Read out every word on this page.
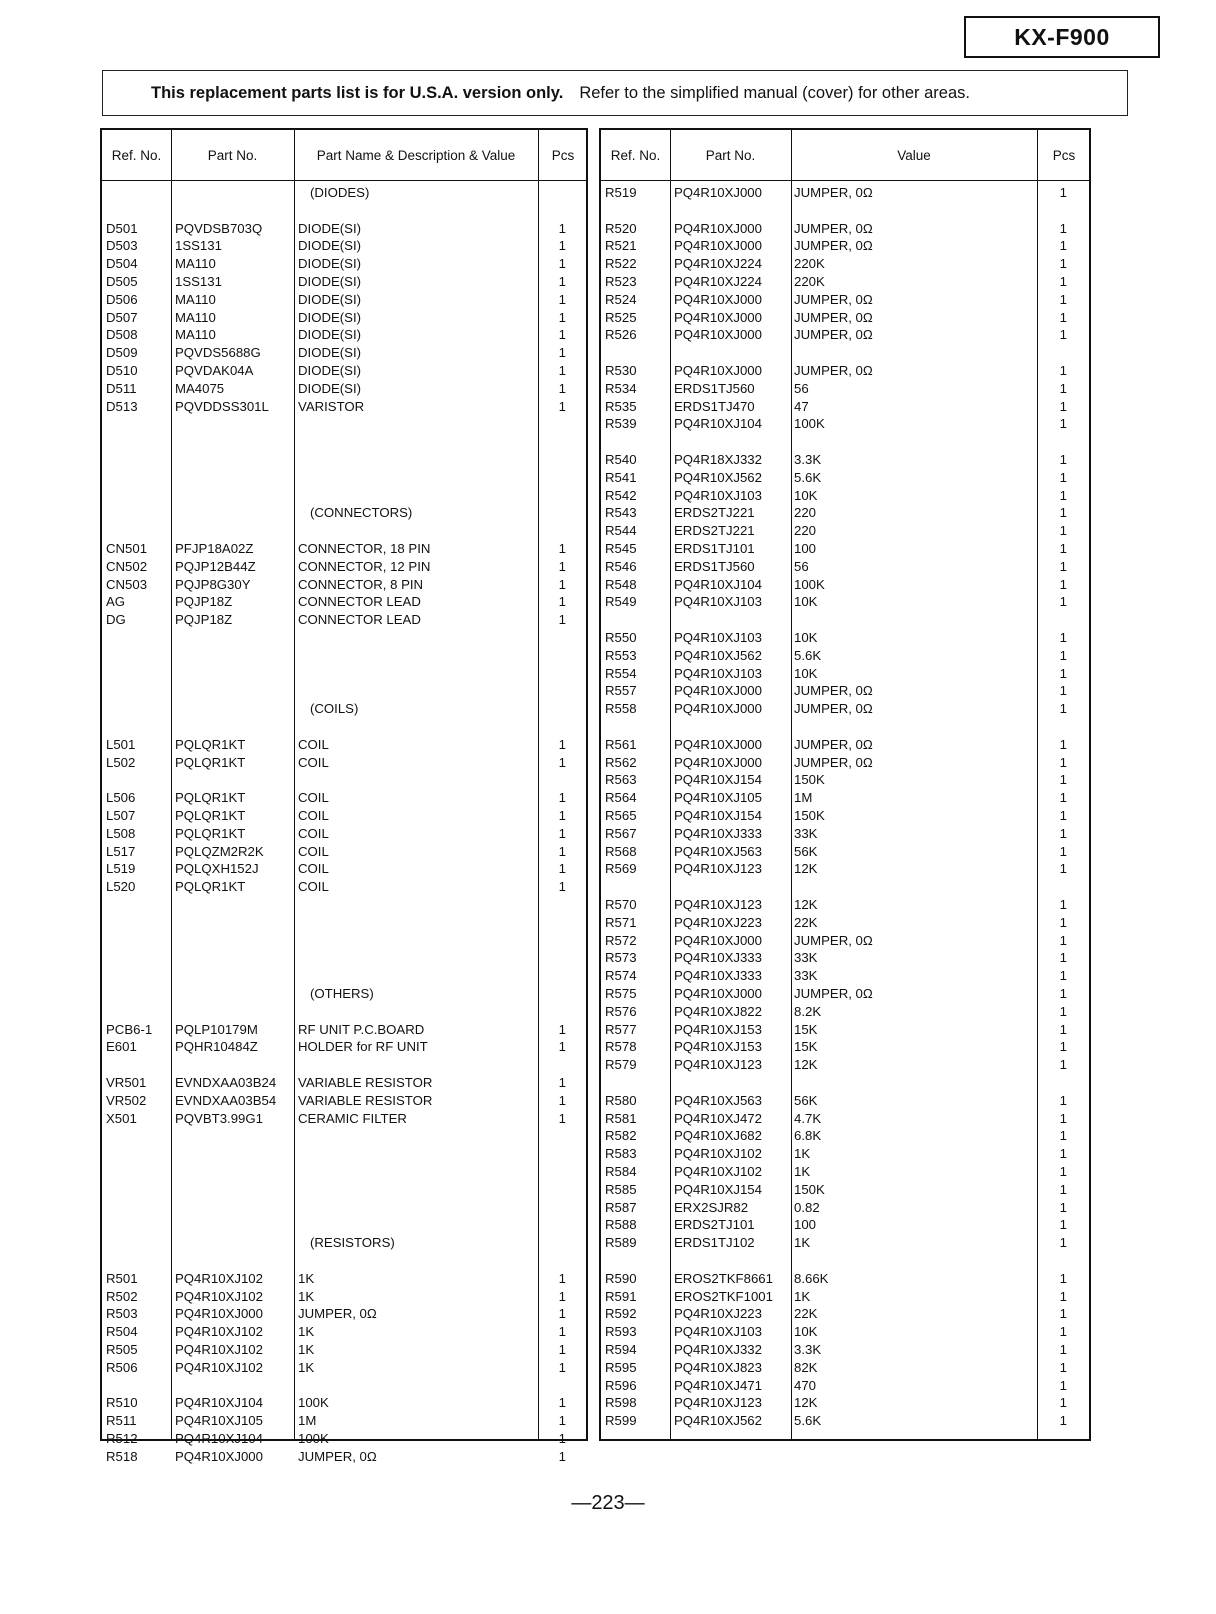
KX-F900
This replacement parts list is for U.S.A. version only. Refer to the simplified manual (cover) for other areas.
Ref. No.	Part No.	Part Name & Description & Value	Pcs
(DIODES)
D501	PQVDSB703Q	DIODE(SI)	1
D503	1SS131	DIODE(SI)	1
D504	MA110	DIODE(SI)	1
D505	1SS131	DIODE(SI)	1
D506	MA110	DIODE(SI)	1
D507	MA110	DIODE(SI)	1
D508	MA110	DIODE(SI)	1
D509	PQVDS5688G	DIODE(SI)	1
D510	PQVDAK04A	DIODE(SI)	1
D511	MA4075	DIODE(SI)	1
D513	PQVDDSS301L	VARISTOR	1
(CONNECTORS)
CN501	PFJP18A02Z	CONNECTOR, 18 PIN	1
CN502	PQJP12B44Z	CONNECTOR, 12 PIN	1
CN503	PQJP8G30Y	CONNECTOR, 8 PIN	1
AG	PQJP18Z	CONNECTOR LEAD	1
DG	PQJP18Z	CONNECTOR LEAD	1
(COILS)
L501	PQLQR1KT	COIL	1
L502	PQLQR1KT	COIL	1
L506	PQLQR1KT	COIL	1
L507	PQLQR1KT	COIL	1
L508	PQLQR1KT	COIL	1
L517	PQLQZM2R2K	COIL	1
L519	PQLQXH152J	COIL	1
L520	PQLQR1KT	COIL	1
(OTHERS)
PCB6-1	PQLP10179M	RF UNIT P.C.BOARD	1
E601	PQHR10484Z	HOLDER for RF UNIT	1
VR501	EVNDXAA03B24	VARIABLE RESISTOR	1
VR502	EVNDXAA03B54	VARIABLE RESISTOR	1
X501	PQVBT3.99G1	CERAMIC FILTER	1
(RESISTORS)
R501	PQ4R10XJ102	1K	1
R502	PQ4R10XJ102	1K	1
R503	PQ4R10XJ000	JUMPER, 0Ω	1
R504	PQ4R10XJ102	1K	1
R505	PQ4R10XJ102	1K	1
R506	PQ4R10XJ102	1K	1
R510	PQ4R10XJ104	100K	1
R511	PQ4R10XJ105	1M	1
R512	PQ4R10XJ104	100K	1
R518	PQ4R10XJ000	JUMPER, 0Ω	1
Ref. No.	Part No.	Value	Pcs
R519	PQ4R10XJ000	JUMPER, 0Ω	1
R520	PQ4R10XJ000	JUMPER, 0Ω	1
R521	PQ4R10XJ000	JUMPER, 0Ω	1
R522	PQ4R10XJ224	220K	1
R523	PQ4R10XJ224	220K	1
R524	PQ4R10XJ000	JUMPER, 0Ω	1
R525	PQ4R10XJ000	JUMPER, 0Ω	1
R526	PQ4R10XJ000	JUMPER, 0Ω	1
R530	PQ4R10XJ000	JUMPER, 0Ω	1
R534	ERDS1TJ560	56	1
R535	ERDS1TJ470	47	1
R539	PQ4R10XJ104	100K	1
R540	PQ4R18XJ332	3.3K	1
R541	PQ4R10XJ562	5.6K	1
R542	PQ4R10XJ103	10K	1
R543	ERDS2TJ221	220	1
R544	ERDS2TJ221	220	1
R545	ERDS1TJ101	100	1
R546	ERDS1TJ560	56	1
R548	PQ4R10XJ104	100K	1
R549	PQ4R10XJ103	10K	1
R550	PQ4R10XJ103	10K	1
R553	PQ4R10XJ562	5.6K	1
R554	PQ4R10XJ103	10K	1
R557	PQ4R10XJ000	JUMPER, 0Ω	1
R558	PQ4R10XJ000	JUMPER, 0Ω	1
R561	PQ4R10XJ000	JUMPER, 0Ω	1
R562	PQ4R10XJ000	JUMPER, 0Ω	1
R563	PQ4R10XJ154	150K	1
R564	PQ4R10XJ105	1M	1
R565	PQ4R10XJ154	150K	1
R567	PQ4R10XJ333	33K	1
R568	PQ4R10XJ563	56K	1
R569	PQ4R10XJ123	12K	1
R570	PQ4R10XJ123	12K	1
R571	PQ4R10XJ223	22K	1
R572	PQ4R10XJ000	JUMPER, 0Ω	1
R573	PQ4R10XJ333	33K	1
R574	PQ4R10XJ333	33K	1
R575	PQ4R10XJ000	JUMPER, 0Ω	1
R576	PQ4R10XJ822	8.2K	1
R577	PQ4R10XJ153	15K	1
R578	PQ4R10XJ153	15K	1
R579	PQ4R10XJ123	12K	1
R580	PQ4R10XJ563	56K	1
R581	PQ4R10XJ472	4.7K	1
R582	PQ4R10XJ682	6.8K	1
R583	PQ4R10XJ102	1K	1
R584	PQ4R10XJ102	1K	1
R585	PQ4R10XJ154	150K	1
R587	ERX2SJR82	0.82	1
R588	ERDS2TJ101	100	1
R589	ERDS1TJ102	1K	1
R590	EROS2TKF8661	8.66K	1
R591	EROS2TKF1001	1K	1
R592	PQ4R10XJ223	22K	1
R593	PQ4R10XJ103	10K	1
R594	PQ4R10XJ332	3.3K	1
R595	PQ4R10XJ823	82K	1
R596	PQ4R10XJ471	470	1
R598	PQ4R10XJ123	12K	1
R599	PQ4R10XJ562	5.6K	1
—223—
